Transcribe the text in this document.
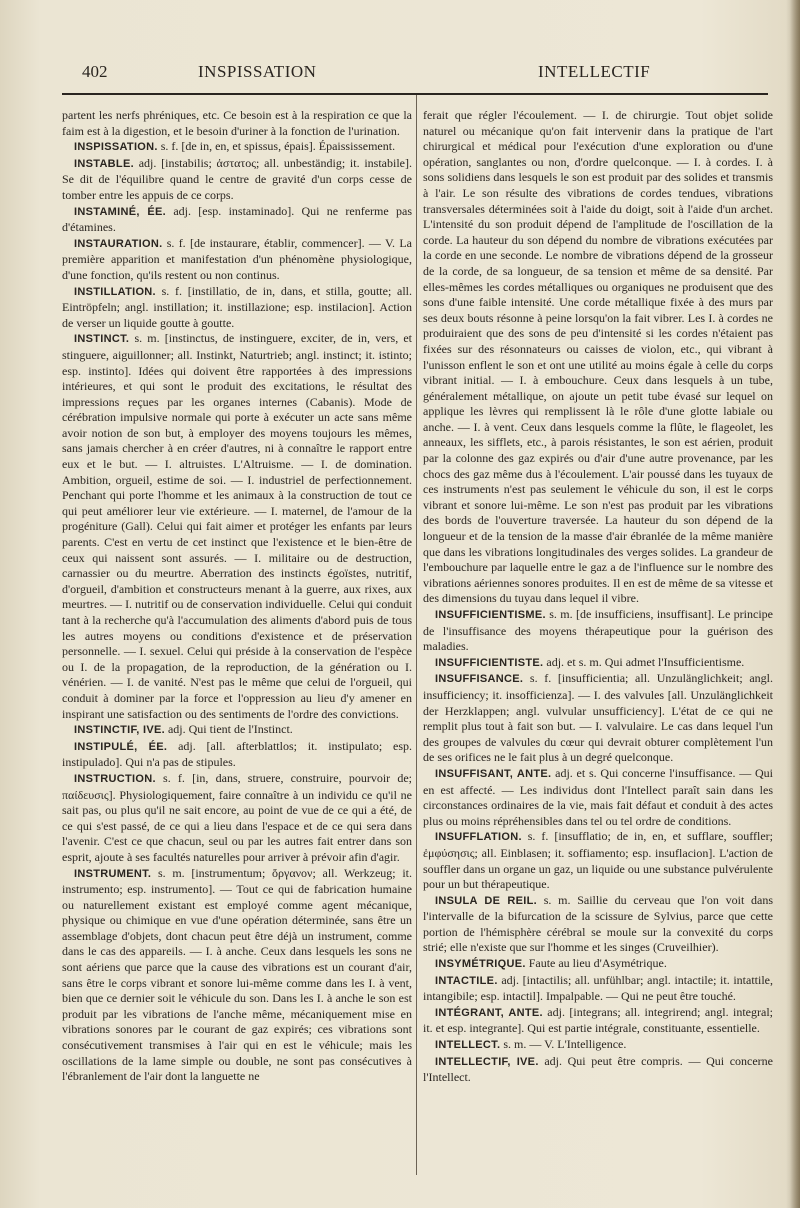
402	INSPISSATION	INTELLECTIF

partent les nerfs phréniques, etc. Ce besoin est à la respiration ce que la faim est à la digestion, et le besoin d'uriner à la fonction de l'urination.

INSPISSATION. s. f. [de in, en, et spissus, épais]. Épaississement.

INSTABLE. adj. [instabilis; ἀστατος; all. unbeständig; it. instabile]. Se dit de l'équilibre quand le centre de gravité d'un corps cesse de tomber entre les appuis de ce corps.

INSTAMINÉ, ÉE. adj. [esp. instaminado]. Qui ne renferme pas d'étamines.

INSTAURATION. s. f. [de instaurare, établir, commencer]. — V. La première apparition et manifestation d'un phénomène physiologique, d'une fonction, qu'ils restent ou non continus.

INSTILLATION. s. f. [instillatio, de in, dans, et stilla, goutte; all. Eintröpfeln; angl. instillation; it. instillazione; esp. instilacion]. Action de verser un liquide goutte à goutte.

INSTINCT. s. m. [instinctus, de instinguere, exciter, de in, vers, et stinguere, aiguillonner; all. Instinkt, Naturtrieb; angl. instinct; it. istinto; esp. instinto]. Idées qui doivent être rapportées à des impressions intérieures, et qui sont le produit des excitations, le résultat des impressions reçues par les organes internes (Cabanis). Mode de cérébration impulsive normale qui porte à exécuter un acte sans même avoir notion de son but, à employer des moyens toujours les mêmes, sans jamais chercher à en créer d'autres, ni à connaître le rapport entre eux et le but. — I. altruistes. L'Altruisme. — I. de domination. Ambition, orgueil, estime de soi. — I. industriel de perfectionnement. Penchant qui porte l'homme et les animaux à la construction de tout ce qui peut améliorer leur vie extérieure. — I. maternel, de l'amour de la progéniture (Gall). Celui qui fait aimer et protéger les enfants par leurs parents. C'est en vertu de cet instinct que l'existence et le bien-être de ceux qui naissent sont assurés. — I. militaire ou de destruction, carnassier ou du meurtre. Aberration des instincts égoïstes, nutritif, d'orgueil, d'ambition et constructeurs menant à la guerre, aux rixes, aux meurtres. — I. nutritif ou de conservation individuelle. Celui qui conduit tant à la recherche qu'à l'accumulation des aliments d'abord puis de tous les autres moyens ou conditions d'existence et de préservation personnelle. — I. sexuel. Celui qui préside à la conservation de l'espèce ou I. de la propagation, de la reproduction, de la génération ou I. vénérien. — I. de vanité. N'est pas le même que celui de l'orgueil, qui conduit à dominer par la force et l'oppression au lieu d'y amener en inspirant une satisfaction ou des sentiments de l'ordre des convictions.

INSTINCTIF, IVE. adj. Qui tient de l'Instinct.

INSTIPULÉ, ÉE. adj. [all. afterblattlos; it. instipulato; esp. instipulado]. Qui n'a pas de stipules.

INSTRUCTION. s. f. [in, dans, struere, construire, pourvoir de; παίδευσις]. Physiologiquement, faire connaître à un individu ce qu'il ne sait pas, ou plus qu'il ne sait encore, au point de vue de ce qui a été, de ce qui s'est passé, de ce qui a lieu dans l'espace et de ce qui sera dans l'avenir. C'est ce que chacun, seul ou par les autres fait entrer dans son esprit, ajoute à ses facultés naturelles pour arriver à prévoir afin d'agir.

INSTRUMENT. s. m. [instrumentum; ὄργανον; all. Werkzeug; it. instrumento; esp. instrumento]. — Tout ce qui de fabrication humaine ou naturellement existant est employé comme agent mécanique, physique ou chimique en vue d'une opération déterminée, sans être un assemblage d'objets, dont chacun peut être déjà un instrument, comme dans le cas des appareils. — I. à anche. Ceux dans lesquels les sons ne sont aériens que parce que la cause des vibrations est un courant d'air, sans être le corps vibrant et sonore lui-même comme dans les I. à vent, bien que ce dernier soit le véhicule du son. Dans les I. à anche le son est produit par les vibrations de l'anche même, mécaniquement mise en vibrations sonores par le courant de gaz expirés; ces vibrations sont consécutivement transmises à l'air qui en est le véhicule; mais les oscillations de la lame simple ou double, ne sont pas consécutives à l'ébranlement de l'air dont la languette ne

ferait que régler l'écoulement. — I. de chirurgie. Tout objet solide naturel ou mécanique qu'on fait intervenir dans la pratique de l'art chirurgical et médical pour l'exécution d'une exploration ou d'une opération, sanglantes ou non, d'ordre quelconque. — I. à cordes. I. à sons solidiens dans lesquels le son est produit par des solides et transmis à l'air. Le son résulte des vibrations de cordes tendues, vibrations transversales déterminées soit à l'aide du doigt, soit à l'aide d'un archet. L'intensité du son produit dépend de l'amplitude de l'oscillation de la corde. La hauteur du son dépend du nombre de vibrations exécutées par la corde en une seconde. Le nombre de vibrations dépend de la grosseur de la corde, de sa longueur, de sa tension et même de sa densité. Par elles-mêmes les cordes métalliques ou organiques ne produisent que des sons d'une faible intensité. Une corde métallique fixée à des murs par ses deux bouts résonne à peine lorsqu'on la fait vibrer. Les I. à cordes ne produiraient que des sons de peu d'intensité si les cordes n'étaient pas fixées sur des résonnateurs ou caisses de violon, etc., qui vibrant à l'unisson enflent le son et ont une utilité au moins égale à celle du corps vibrant initial. — I. à embouchure. Ceux dans lesquels à un tube, généralement métallique, on ajoute un petit tube évasé sur lequel on applique les lèvres qui remplissent là le rôle d'une glotte labiale ou anche. — I. à vent. Ceux dans lesquels comme la flûte, le flageolet, les anneaux, les sifflets, etc., à parois résistantes, le son est aérien, produit par la colonne des gaz expirés ou d'air d'une autre provenance, par les chocs des gaz même dus à l'écoulement. L'air poussé dans les tuyaux de ces instruments n'est pas seulement le véhicule du son, il est le corps vibrant et sonore lui-même. Le son n'est pas produit par les vibrations des bords de l'ouverture traversée. La hauteur du son dépend de la longueur et de la tension de la masse d'air ébranlée de la même manière que dans les vibrations longitudinales des verges solides. La grandeur de l'embouchure par laquelle entre le gaz a de l'influence sur le nombre des vibrations aériennes sonores produites. Il en est de même de sa vitesse et des dimensions du tuyau dans lequel il vibre.

INSUFFICIENTISME. s. m. [de insufficiens, insuffisant]. Le principe de l'insuffisance des moyens thérapeutique pour la guérison des maladies.

INSUFFICIENTISTE. adj. et s. m. Qui admet l'Insufficientisme.

INSUFFISANCE. s. f. [insufficientia; all. Unzulänglichkeit; angl. insufficiency; it. insofficienza]. — I. des valvules [all. Unzulänglichkeit der Herzklappen; angl. vulvular unsufficiency]. L'état de ce qui ne remplit plus tout à fait son but. — I. valvulaire. Le cas dans lequel l'un des groupes de valvules du cœur qui devrait obturer complètement l'un de ses orifices ne le fait plus à un degré quelconque.

INSUFFISANT, ANTE. adj. et s. Qui concerne l'insuffisance. — Qui en est affecté. — Les individus dont l'Intellect paraît sain dans les circonstances ordinaires de la vie, mais fait défaut et conduit à des actes plus ou moins répréhensibles dans tel ou tel ordre de conditions.

INSUFFLATION. s. f. [insufflatio; de in, en, et sufflare, souffler; ἐμφύσησις; all. Einblasen; it. soffiamento; esp. insuflacion]. L'action de souffler dans un organe un gaz, un liquide ou une substance pulvérulente pour un but thérapeutique.

INSULA DE REIL. s. m. Saillie du cerveau que l'on voit dans l'intervalle de la bifurcation de la scissure de Sylvius, parce que cette portion de l'hémisphère cérébral se moule sur la convexité du corps strié; elle n'existe que sur l'homme et les singes (Cruveilhier).

INSYMÉTRIQUE. Faute au lieu d'Asymétrique.

INTACTILE. adj. [intactilis; all. unfühlbar; angl. intactile; it. intattile, intangibile; esp. intactil]. Impalpable. — Qui ne peut être touché.

INTÉGRANT, ANTE. adj. [integrans; all. integrirend; angl. integral; it. et esp. integrante]. Qui est partie intégrale, constituante, essentielle.

INTELLECT. s. m. — V. L'Intelligence.

INTELLECTIF, IVE. adj. Qui peut être compris. — Qui concerne l'Intellect.
